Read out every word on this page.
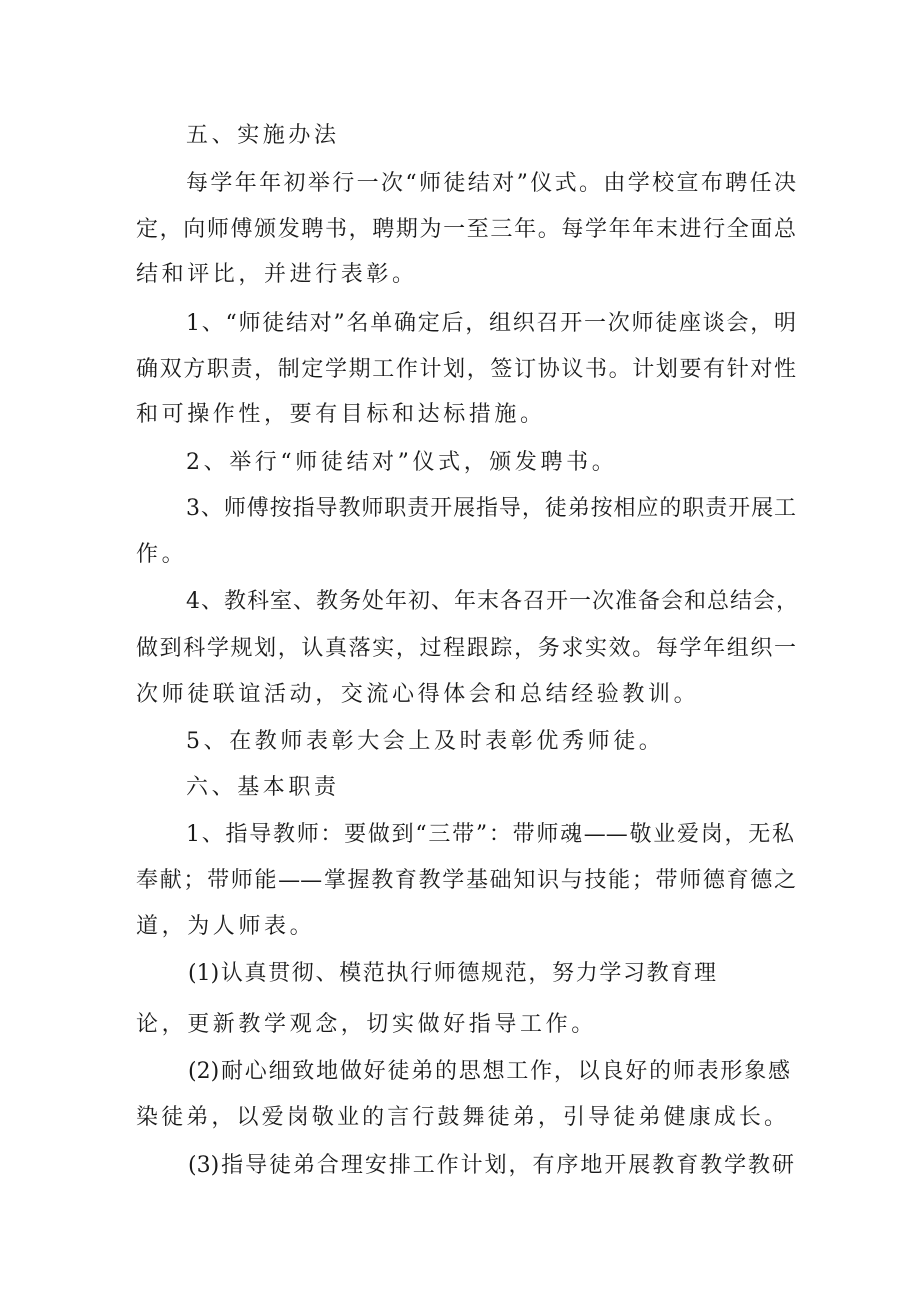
五、实施办法
每学年年初举行一次“师徒结对”仪式。由学校宣布聘任决
定，向师傅颁发聘书，聘期为一至三年。每学年年末进行全面总
结和评比，并进行表彰。
1、“师徒结对”名单确定后，组织召开一次师徒座谈会，明
确双方职责，制定学期工作计划，签订协议书。计划要有针对性
和可操作性，要有目标和达标措施。
2、举行“师徒结对”仪式，颁发聘书。
3、师傅按指导教师职责开展指导，徒弟按相应的职责开展工
作。
4、教科室、教务处年初、年末各召开一次准备会和总结会，
做到科学规划，认真落实，过程跟踪，务求实效。每学年组织一
次师徒联谊活动，交流心得体会和总结经验教训。
5、在教师表彰大会上及时表彰优秀师徒。
六、基本职责
1、指导教师：要做到“三带”：带师魂——敬业爱岗，无私
奉献；带师能——掌握教育教学基础知识与技能；带师德育德之
道，为人师表。
(1)认真贯彻、模范执行师德规范，努力学习教育理
论，更新教学观念，切实做好指导工作。
(2)耐心细致地做好徒弟的思想工作，以良好的师表形象感
染徒弟，以爱岗敬业的言行鼓舞徒弟，引导徒弟健康成长。
(3)指导徒弟合理安排工作计划，有序地开展教育教学教研
